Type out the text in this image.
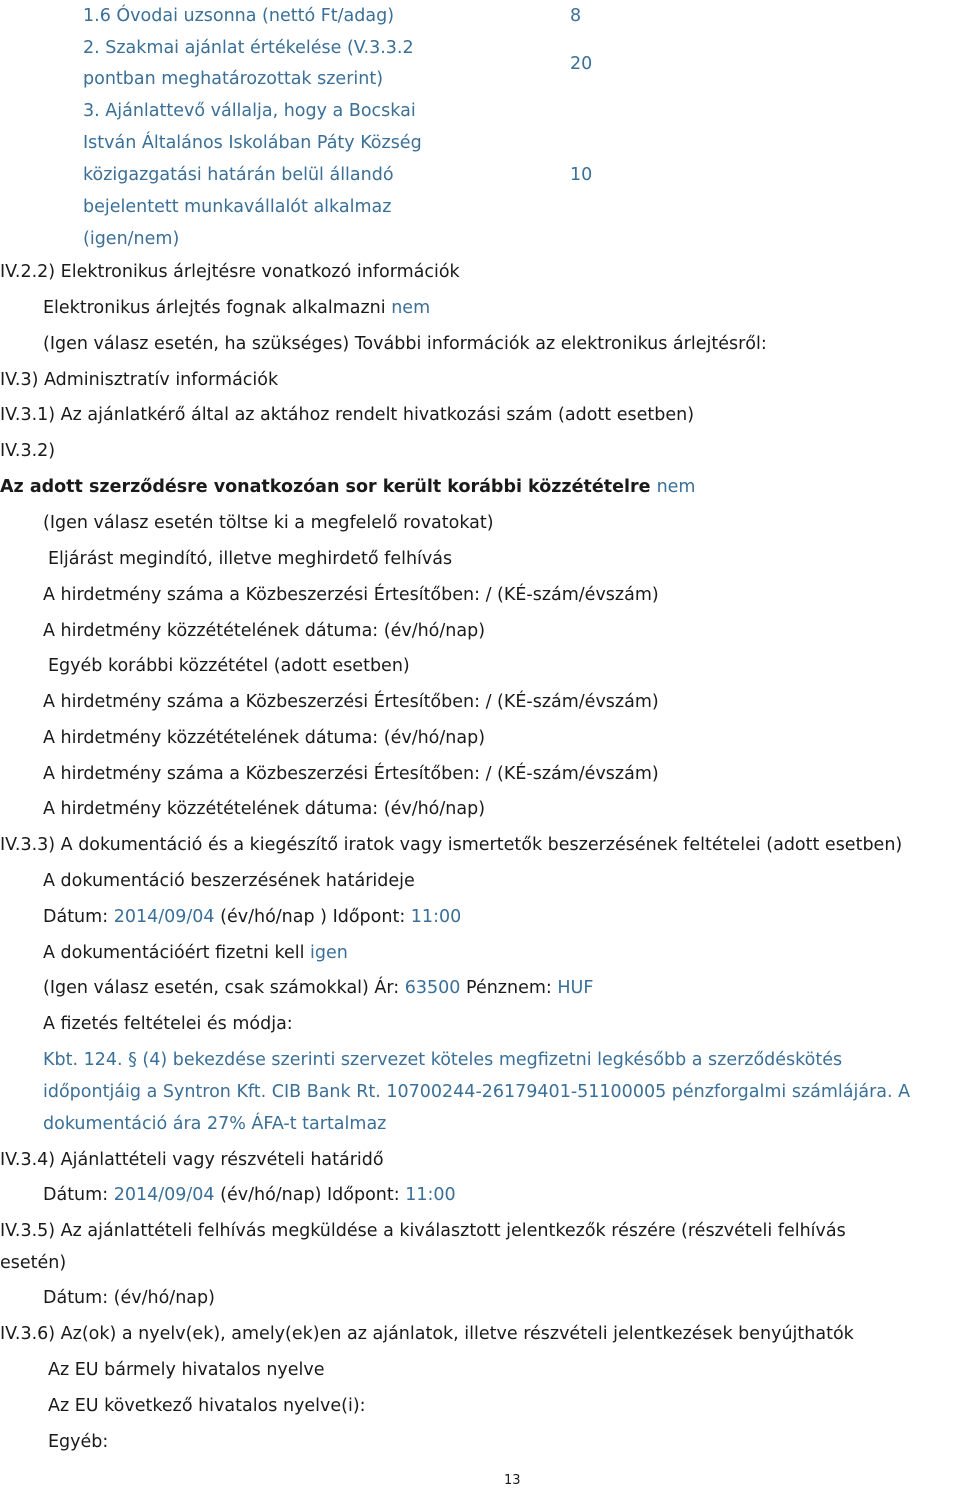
1.6 Óvodai uzsonna (nettó Ft/adag)	8
2. Szakmai ajánlat értékelése (V.3.3.2
pontban meghatározottak szerint)
20
3. Ajánlattevő vállalja, hogy a Bocskai
István Általános Iskolában Páty Község
közigazgatási határán belül állandó
bejelentett munkavállalót alkalmaz
(igen/nem)
10
IV.2.2) Elektronikus árlejtésre vonatkozó információk
Elektronikus árlejtés fognak alkalmazni nem
(Igen válasz esetén, ha szükséges) További információk az elektronikus árlejtésről:
IV.3) Adminisztratív információk
IV.3.1) Az ajánlatkérő által az aktához rendelt hivatkozási szám (adott esetben)
IV.3.2)
Az adott szerződésre vonatkozóan sor került korábbi közzétételre nem
(Igen válasz esetén töltse ki a megfelelő rovatokat)
Eljárást megindító, illetve meghirdető felhívás
A hirdetmény száma a Közbeszerzési Értesítőben: / (KÉ-szám/évszám)
A hirdetmény közzétételének dátuma: (év/hó/nap)
Egyéb korábbi közzététel (adott esetben)
A hirdetmény száma a Közbeszerzési Értesítőben: / (KÉ-szám/évszám)
A hirdetmény közzétételének dátuma: (év/hó/nap)
A hirdetmény száma a Közbeszerzési Értesítőben: / (KÉ-szám/évszám)
A hirdetmény közzétételének dátuma: (év/hó/nap)
IV.3.3) A dokumentáció és a kiegészítő iratok vagy ismertetők beszerzésének feltételei (adott esetben)
A dokumentáció beszerzésének határideje
Dátum: 2014/09/04 (év/hó/nap ) Időpont: 11:00
A dokumentációért fizetni kell igen
(Igen válasz esetén, csak számokkal) Ár: 63500 Pénznem: HUF
A fizetés feltételei és módja:
Kbt. 124. § (4) bekezdése szerinti szervezet köteles megfizetni legkésőbb a szerződéskötés
időpontjáig a Syntron Kft. CIB Bank Rt. 10700244-26179401-51100005 pénzforgalmi számlájára. A
dokumentáció ára 27% ÁFA-t tartalmaz
IV.3.4) Ajánlattételi vagy részvételi határidő
Dátum: 2014/09/04 (év/hó/nap) Időpont: 11:00
IV.3.5) Az ajánlattételi felhívás megküldése a kiválasztott jelentkezők részére (részvételi felhívás
esetén)
Dátum: (év/hó/nap)
IV.3.6) Az(ok) a nyelv(ek), amely(ek)en az ajánlatok, illetve részvételi jelentkezések benyújthatók
Az EU bármely hivatalos nyelve
Az EU következő hivatalos nyelve(i):
Egyéb:
13
